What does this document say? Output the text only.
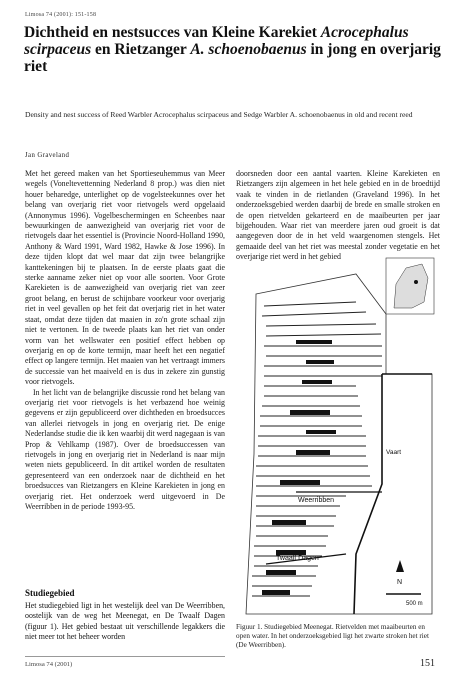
Limosa 74 (2001): 151-158
Dichtheid en nestsucces van Kleine Karekiet Acrocephalus scirpaceus en Rietzanger A. schoenobaenus in jong en overjarig riet
Density and nest success of Reed Warbler Acrocephalus scirpaceus and Sedge Warbler A. schoenobaenus in old and recent reed
Jan Graveland

Met het gereed maken van het Sportieseuhemmus van Meer wegels (Voneltevettenning Nederland 8 prop.) was dien niet houer beharedge, unterlighet op de vogelsteekunnes over het belang van overjarig riet voor rietvogels werd opgelaaid (Annonymus 1996). Vogelbeschermingen en Scheenbes naar bewuurkingen de aanwezigheid van overjarig riet voor de rietvogels daar het essentiel is (Provincie Noord-Holland 1990, Anthony & Ward 1991, Ward 1982, Hawke & Jose 1996). In deze tijden klopt dat wel maar dat zijn twee belangrijke kanttekeningen bij te plaatsen. In de eerste plaats gaat die sterke aanname zeker niet op voor alle soorten. Voor Grote Karekieten is de aanwezigheid van overjarig riet van zeer groot belang, en berust de schijnbare voorkeur voor overjarig riet in veel gevallen op het feit dat overjarig riet in het water staat, omdat deze tijden dat maaien in zo'n grote schaal zijn niet te vertonen. In de tweede plaats kan het riet van onder vorm van het wellswater een positief effect hebben op overjarig en op de korte termijn, maar heeft het een negatief effect op langere termijn. Het maaien van het vertraagt immers de successie van het maaiveld en is dus in zekere zin gunstig voor rietvogels.

In het licht van de belangrijke discussie rond het belang van overjarig riet voor rietvogels is het verbazend hoe weinig gegevens er zijn gepubliceerd over dichtheden en broedsucces van allerlei rietvogels in jong en overjarig riet. De enige Nederlandse studie die ik ken waarbij dit werd nagegaan is van Prop & Vehlkamp (1987). Over de broedsuccessen van rietvogels in jong en overjarig riet in Nederland is naar mijn weten niets gepubliceerd. In dit artikel worden de resultaten gepresenteerd van een onderzoek naar de dichtheid en het broedsucces van Rietzangers en Kleine Karekieten in jong en overjarig riet. Het onderzoek werd uitgevoerd in De Weerribben in de periode 1993-95.

doorsneden door een aantal vaarten. Kleine Karekieten en Rietzangers zijn algemeen in het hele gebied en in de broedtijd vaak te vinden in de rietlanden (Graveland 1996). In het onderzoeksgebied werden daarbij de brede en smalle stroken en de open rietvelden gekarteerd en de maaibeurten per jaar bijgehouden. Waar riet van meerdere jaren oud groeit is dat aangegeven door de in het veld waargenomen stengels. Het gemaaide deel van het riet was meestal zonder vegetatie en het overjarige riet werd in het gebied

Weerribben
Twaalf Dagen
Vaart
N
500 m
Figuur 1. Studiegebied Meenegat. Rietvelden met maaibeurten en open water. In het onderzoeksgebied ligt het zwarte stroken het riet (De Weerribben).
Studiegebied
Het studiegebied ligt in het westelijk deel van De Weerribben, oostelijk van de weg het Meenegat, en De Twaalf Dagen (figuur 1). Het gebied bestaat uit verschillende legakkers die niet meer tot het beheer worden
Limosa 74 (2001)	151
